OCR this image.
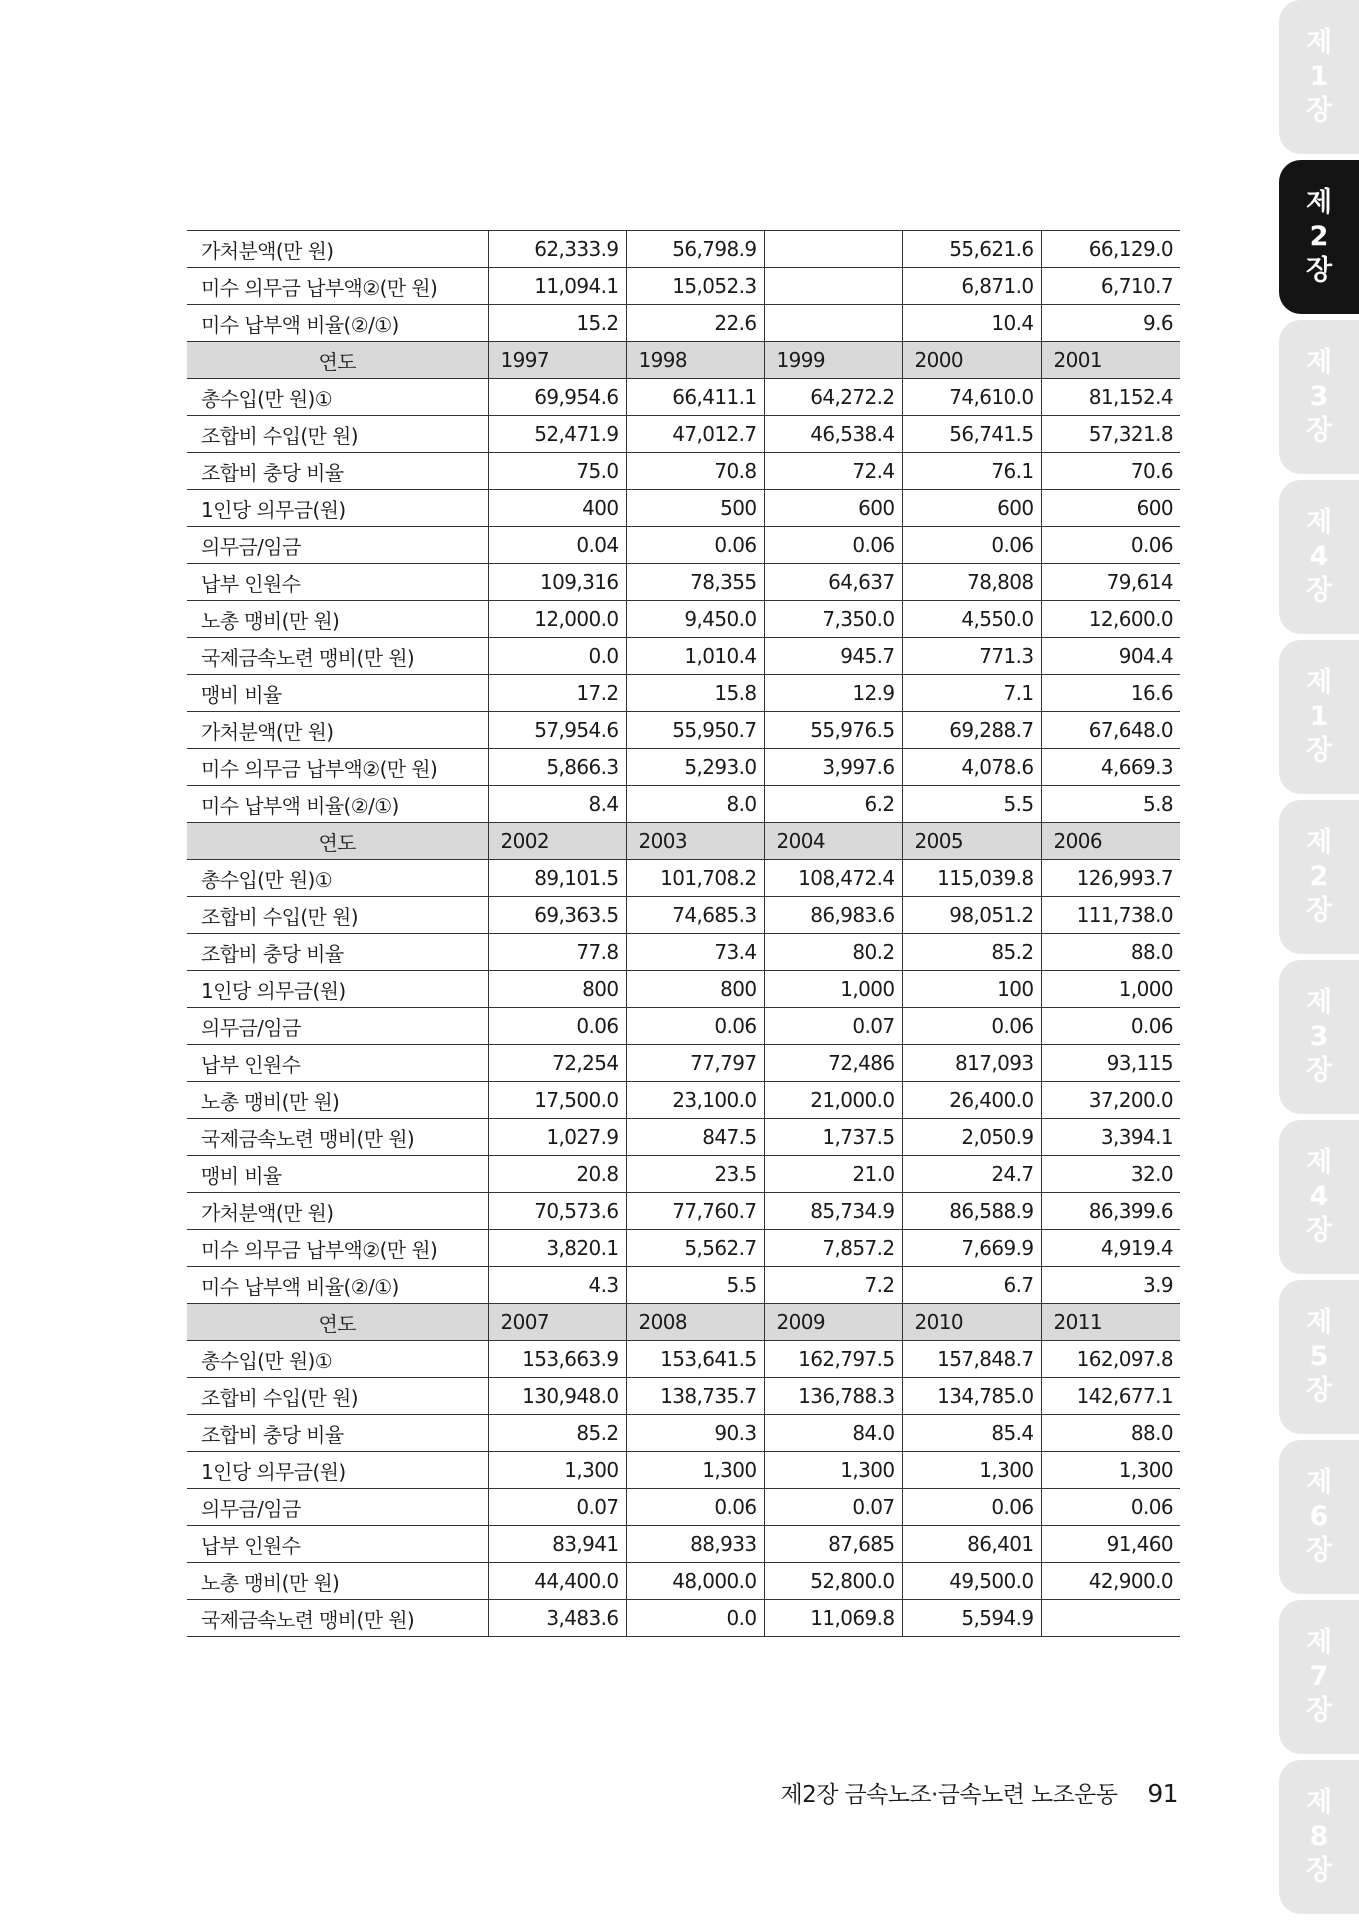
제
1
장
제
2
장
제
3
장
제
4
장
제
1
장
제
2
장
제
3
장
제
4
장
제
5
장
제
6
장
제
7
장
제
8
장
가처분액(만 원)	62,333.9	56,798.9		55,621.6	66,129.0
미수 의무금 납부액②(만 원)	11,094.1	15,052.3		6,871.0	6,710.7
미수 납부액 비율(②/①)	15.2	22.6		10.4	9.6
연도	1997	1998	1999	2000	2001
총수입(만 원)①	69,954.6	66,411.1	64,272.2	74,610.0	81,152.4
조합비 수입(만 원)	52,471.9	47,012.7	46,538.4	56,741.5	57,321.8
조합비 충당 비율	75.0	70.8	72.4	76.1	70.6
1인당 의무금(원)	400	500	600	600	600
의무금/임금	0.04	0.06	0.06	0.06	0.06
납부 인원수	109,316	78,355	64,637	78,808	79,614
노총 맹비(만 원)	12,000.0	9,450.0	7,350.0	4,550.0	12,600.0
국제금속노련 맹비(만 원)	0.0	1,010.4	945.7	771.3	904.4
맹비 비율	17.2	15.8	12.9	7.1	16.6
가처분액(만 원)	57,954.6	55,950.7	55,976.5	69,288.7	67,648.0
미수 의무금 납부액②(만 원)	5,866.3	5,293.0	3,997.6	4,078.6	4,669.3
미수 납부액 비율(②/①)	8.4	8.0	6.2	5.5	5.8
연도	2002	2003	2004	2005	2006
총수입(만 원)①	89,101.5	101,708.2	108,472.4	115,039.8	126,993.7
조합비 수입(만 원)	69,363.5	74,685.3	86,983.6	98,051.2	111,738.0
조합비 충당 비율	77.8	73.4	80.2	85.2	88.0
1인당 의무금(원)	800	800	1,000	100	1,000
의무금/임금	0.06	0.06	0.07	0.06	0.06
납부 인원수	72,254	77,797	72,486	817,093	93,115
노총 맹비(만 원)	17,500.0	23,100.0	21,000.0	26,400.0	37,200.0
국제금속노련 맹비(만 원)	1,027.9	847.5	1,737.5	2,050.9	3,394.1
맹비 비율	20.8	23.5	21.0	24.7	32.0
가처분액(만 원)	70,573.6	77,760.7	85,734.9	86,588.9	86,399.6
미수 의무금 납부액②(만 원)	3,820.1	5,562.7	7,857.2	7,669.9	4,919.4
미수 납부액 비율(②/①)	4.3	5.5	7.2	6.7	3.9
연도	2007	2008	2009	2010	2011
총수입(만 원)①	153,663.9	153,641.5	162,797.5	157,848.7	162,097.8
조합비 수입(만 원)	130,948.0	138,735.7	136,788.3	134,785.0	142,677.1
조합비 충당 비율	85.2	90.3	84.0	85.4	88.0
1인당 의무금(원)	1,300	1,300	1,300	1,300	1,300
의무금/임금	0.07	0.06	0.07	0.06	0.06
납부 인원수	83,941	88,933	87,685	86,401	91,460
노총 맹비(만 원)	44,400.0	48,000.0	52,800.0	49,500.0	42,900.0
국제금속노련 맹비(만 원)	3,483.6	0.0	11,069.8	5,594.9	
제2장 금속노조·금속노련 노조운동 91
